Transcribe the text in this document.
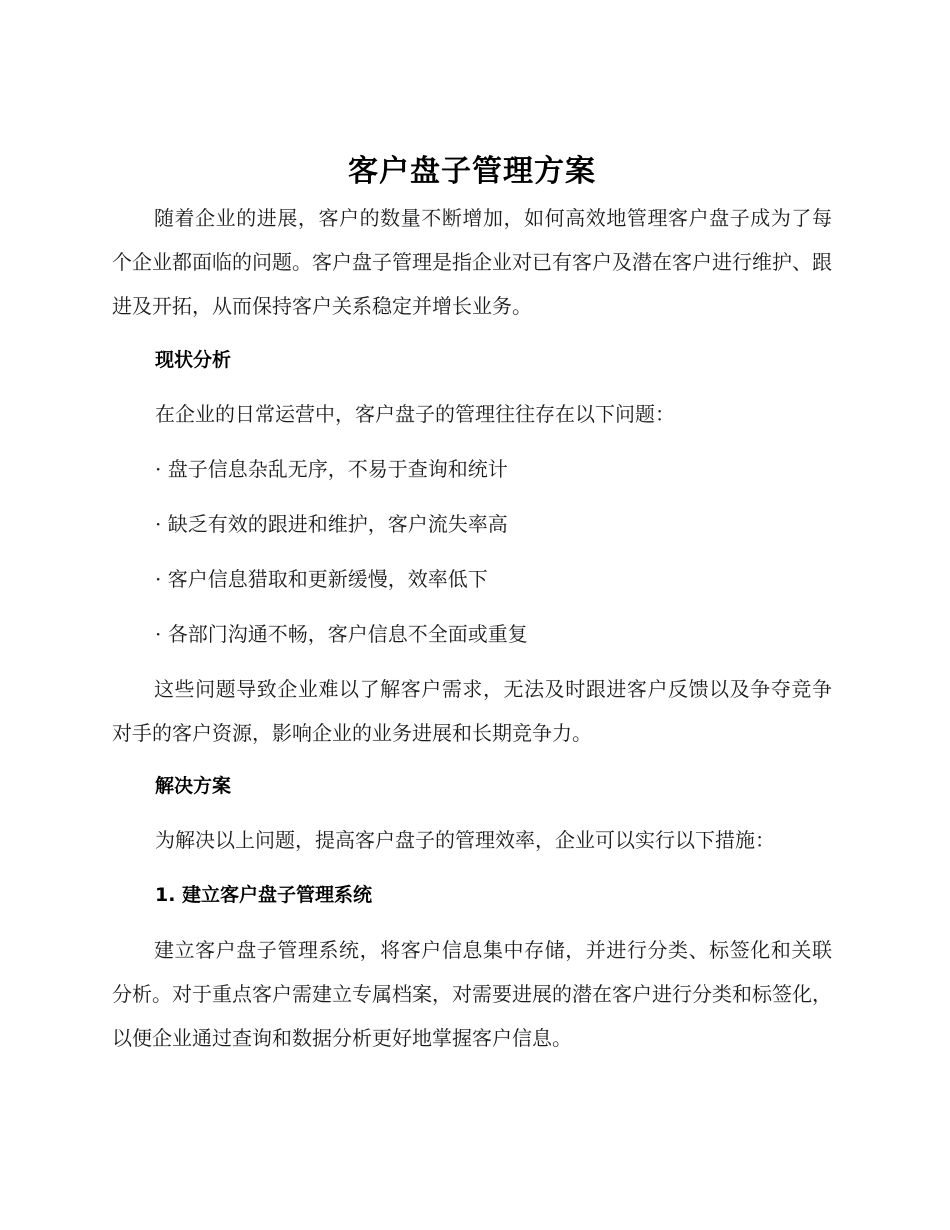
客户盘子管理方案

随着企业的进展，客户的数量不断增加，如何高效地管理客户盘子成为了每个企业都面临的问题。客户盘子管理是指企业对已有客户及潜在客户进行维护、跟进及开拓，从而保持客户关系稳定并增长业务。

现状分析
在企业的日常运营中，客户盘子的管理往往存在以下问题：
· 盘子信息杂乱无序，不易于查询和统计
· 缺乏有效的跟进和维护，客户流失率高
· 客户信息猎取和更新缓慢，效率低下
· 各部门沟通不畅，客户信息不全面或重复

这些问题导致企业难以了解客户需求，无法及时跟进客户反馈以及争夺竞争对手的客户资源，影响企业的业务进展和长期竞争力。

解决方案
为解决以上问题，提高客户盘子的管理效率，企业可以实行以下措施：
1. 建立客户盘子管理系统

建立客户盘子管理系统，将客户信息集中存储，并进行分类、标签化和关联分析。对于重点客户需建立专属档案，对需要进展的潜在客户进行分类和标签化，以便企业通过查询和数据分析更好地掌握客户信息。
